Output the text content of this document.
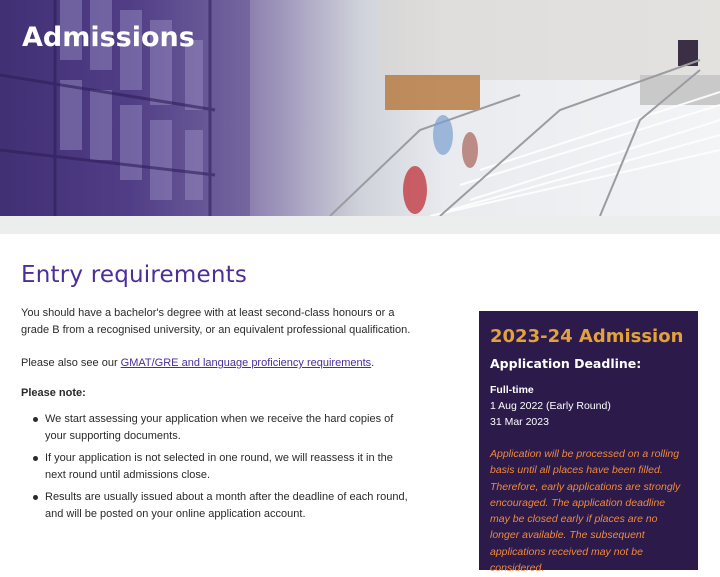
Admissions
Entry requirements

You should have a bachelor's degree with at least second-class honours or a grade B from a recognised university, or an equivalent professional qualification.

Please also see our GMAT/GRE and language proficiency requirements.

Please note:
We start assessing your application when we receive the hard copies of your supporting documents.
If your application is not selected in one round, we will reassess it in the next round until admissions close.
Results are usually issued about a month after the deadline of each round, and will be posted on your online application account.
2023-24 Admission
Application Deadline:
Full-time
1 Aug 2022 (Early Round)
31 Mar 2023
Application will be processed on a rolling basis until all places have been filled. Therefore, early applications are strongly encouraged. The application deadline may be closed early if places are no longer available. The subsequent applications received may not be considered.
